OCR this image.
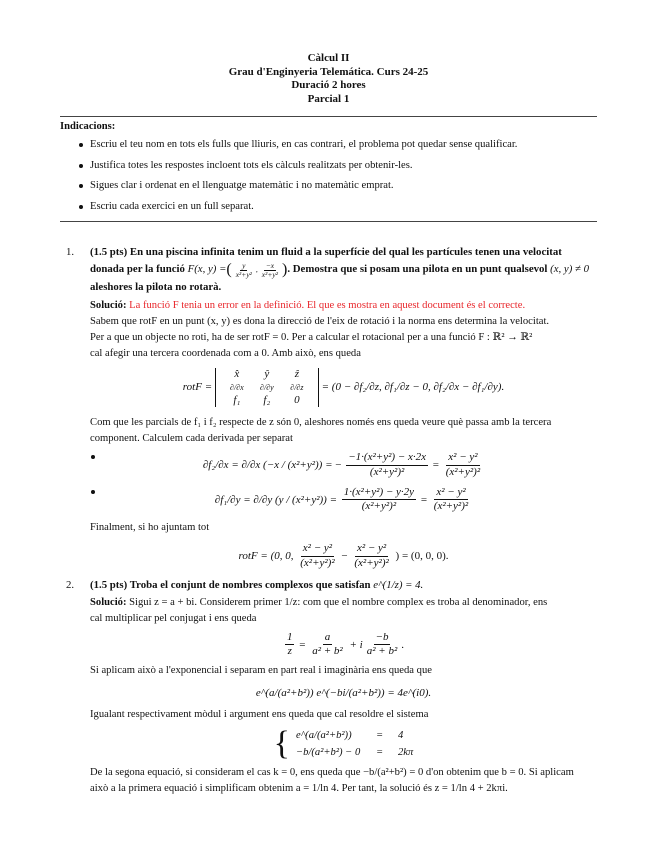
Càlcul II
Grau d'Enginyeria Telemática. Curs 24-25
Duració 2 hores
Parcial 1
Indicacions:
Escriu el teu nom en tots els fulls que lliuris, en cas contrari, el problema pot quedar sense qualificar.
Justifica totes les respostes incloent tots els càlculs realitzats per obtenir-les.
Sigues clar i ordenat en el llenguatge matemàtic i no matemàtic emprat.
Escriu cada exercici en un full separat.
1. (1.5 pts) En una piscina infinita tenim un fluid a la superfície del qual les partícules tenen una velocitat donada per la funció F(x, y) =( $\frac{y}{\text{x²+y²}}$ , $\frac{-x}{\text{x²+y²}}$ ). Demostra que si posam una pilota en un punt qualsevol (x, y) ≠ 0 aleshores la pilota no rotarà.
Solució: La funció F tenia un error en la definició. El que es mostra en aquest document és el correcte.
Sabem que rotF en un punt (x, y) es dona la direcció de l'eix de rotació i la norma ens determina la velocitat.
Per a que un objecte no roti, ha de ser rotF = 0. Per a calcular el rotacional per a una funció F : ℝ² → ℝ²
cal afegir una tercera coordenada com a 0. Amb això, ens queda
rotF =
x̂	ŷ	ẑ
∂/∂x	∂/∂y	∂/∂z
f₁	f₂	0
= (0 − ∂f₂/∂z, ∂f₁/∂z − 0, ∂f₂/∂x − ∂f₁/∂y).
Com que les parcials de f₁ i f₂ respecte de z són 0, aleshores només ens queda veure què passa amb la tercera
component. Calculem cada derivada per separat
∂f₂/∂x = ∂/∂x (−x / (x²+y²)) = − $\frac{\text{−1·(x²+y²) − x·2x}}{\text{(x²+y²)²}} = \frac{\text{x² − y²}}{\text{(x²+y²)²}}$
∂f₁/∂y = ∂/∂y $(y / (x^2+y^2)) = \frac{\text{1·(x²+y²) − y·2y}}{\text{(x²+y²)²}} = \frac{\text{x² − y²}}{\text{(x²+y²)²}}$
Finalment, si ho ajuntam tot
rotF = (0, 0, $\frac{\text{x² − y²}}{\text{(x²+y²)²}} - \frac{\text{x² − y²}}{\text{(x²+y²)²}}$ ) = (0, 0, 0).
2. (1.5 pts) Troba el conjunt de nombres complexos que satisfan e^(1/z) = 4.
Solució: Sigui z = a + bi. Considerem primer 1/z: com que el nombre complex es troba al denominador, ens
cal multiplicar pel conjugat i ens queda
$\frac{1}{z} = \frac{a}{\text{a² + b²}} + i \frac{-b}{\text{a² + b²}}$ .
Si aplicam això a l'exponencial i separam en part real i imaginària ens queda que
e^(a/(a²+b²)) e^(−bi/(a²+b²)) = 4e^(i0).
Igualant respectivament mòdul i argument ens queda que cal resoldre el sistema
{ e^(a/(a²+b²)) = 4
−b/(a²+b²) − 0 = 2kπ
De la segona equació, si consideram el cas k = 0, ens queda que −b/(a²+b²) = 0 d'on obtenim que b = 0. Si aplicam
això a la primera equació i simplificam obtenim a = 1/ln 4. Per tant, la solució és z = 1/ln 4 + 2kπi.
